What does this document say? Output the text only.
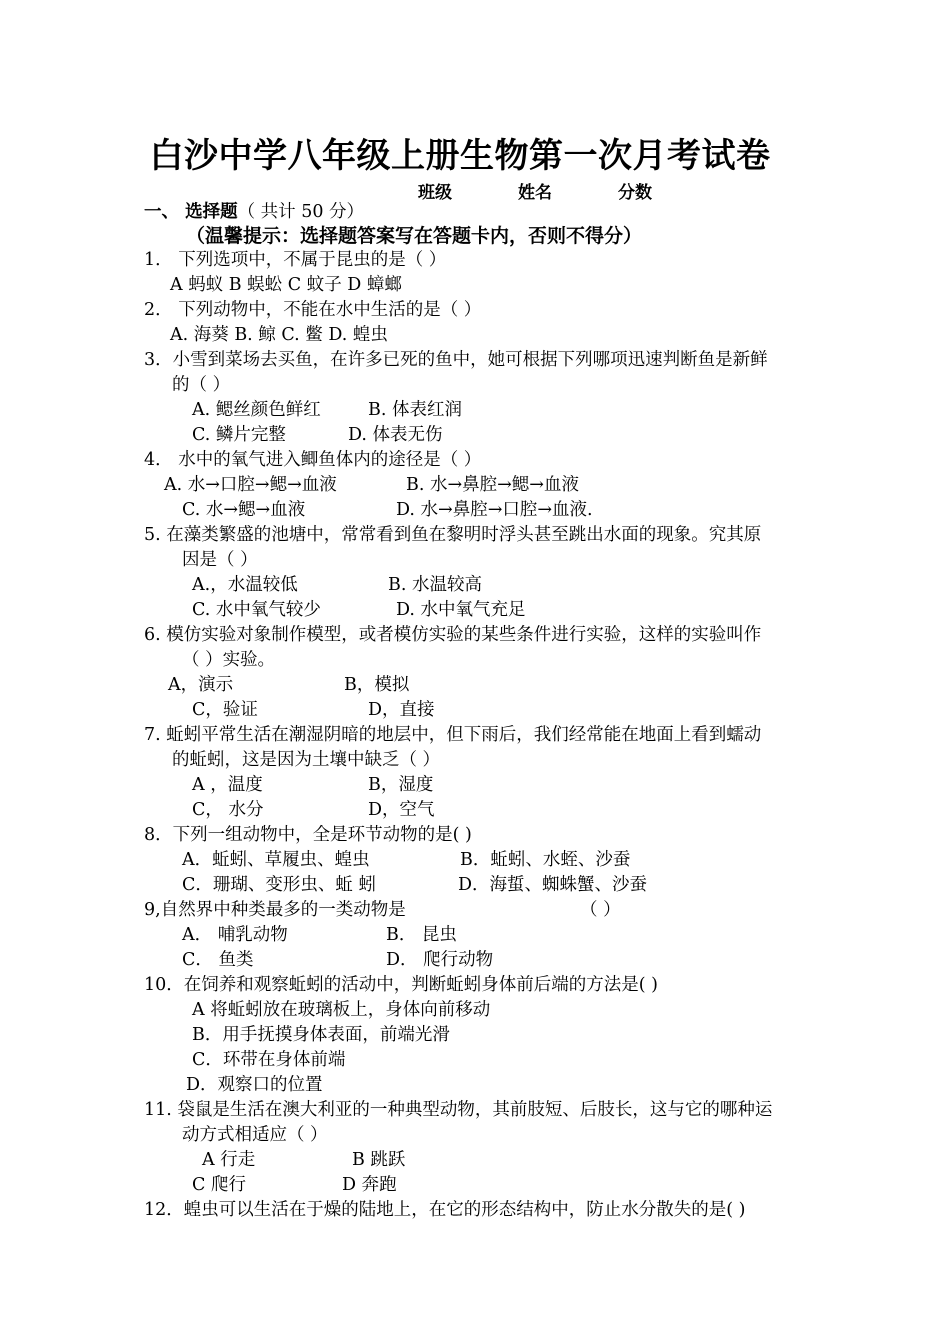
白沙中学八年级上册生物第一次月考试卷
班级	姓名	分数
一、 选择题（ 共计 50 分）
（温馨提示：选择题答案写在答题卡内，否则不得分）
1． 下列选项中，不属于昆虫的是（ ）
A 蚂蚁 B 蜈蚣 C 蚊子 D 蟑螂
2． 下列动物中，不能在水中生活的是（ ）
A. 海葵 B. 鲸 C. 鳖 D. 蝗虫
3．小雪到菜场去买鱼，在许多已死的鱼中，她可根据下列哪项迅速判断鱼是新鲜
的（ ）
A. 鳃丝颜色鲜红	B. 体表红润
C. 鳞片完整	D. 体表无伤
4． 水中的氧气进入鲫鱼体内的途径是（ ）
A. 水→口腔→鳃→血液	B. 水→鼻腔→鳃→血液
C. 水→鳃→血液	D. 水→鼻腔→口腔→血液.
5. 在藻类繁盛的池塘中，常常看到鱼在黎明时浮头甚至跳出水面的现象。究其原
因是（ ）
A.，水温较低	B. 水温较高
C. 水中氧气较少	D. 水中氧气充足
6. 模仿实验对象制作模型，或者模仿实验的某些条件进行实验，这样的实验叫作
（ ）实验。
A，演示	B，模拟
C，验证	D，直接
7. 蚯蚓平常生活在潮湿阴暗的地层中，但下雨后，我们经常能在地面上看到蠕动
的蚯蚓，这是因为土壤中缺乏（ ）
A ，温度	B，湿度
C， 水分	D，空气
8．下列一组动物中，全是环节动物的是( )
A．蚯蚓、草履虫、蝗虫	B．蚯蚓、水蛭、沙蚕
C．珊瑚、变形虫、蚯 蚓	D．海蜇、蜘蛛蟹、沙蚕
9,自然界中种类最多的一类动物是	（ ）
A． 哺乳动物	B． 昆虫
C． 鱼类	D． 爬行动物
10．在饲养和观察蚯蚓的活动中，判断蚯蚓身体前后端的方法是( )
A 将蚯蚓放在玻璃板上，身体向前移动
B．用手抚摸身体表面，前端光滑
C．环带在身体前端
D．观察口的位置
11. 袋鼠是生活在澳大利亚的一种典型动物，其前肢短、后肢长，这与它的哪种运
动方式相适应（ ）
A 行走	B 跳跃
C 爬行	D 奔跑
12．蝗虫可以生活在于燥的陆地上，在它的形态结构中，防止水分散失的是( )
